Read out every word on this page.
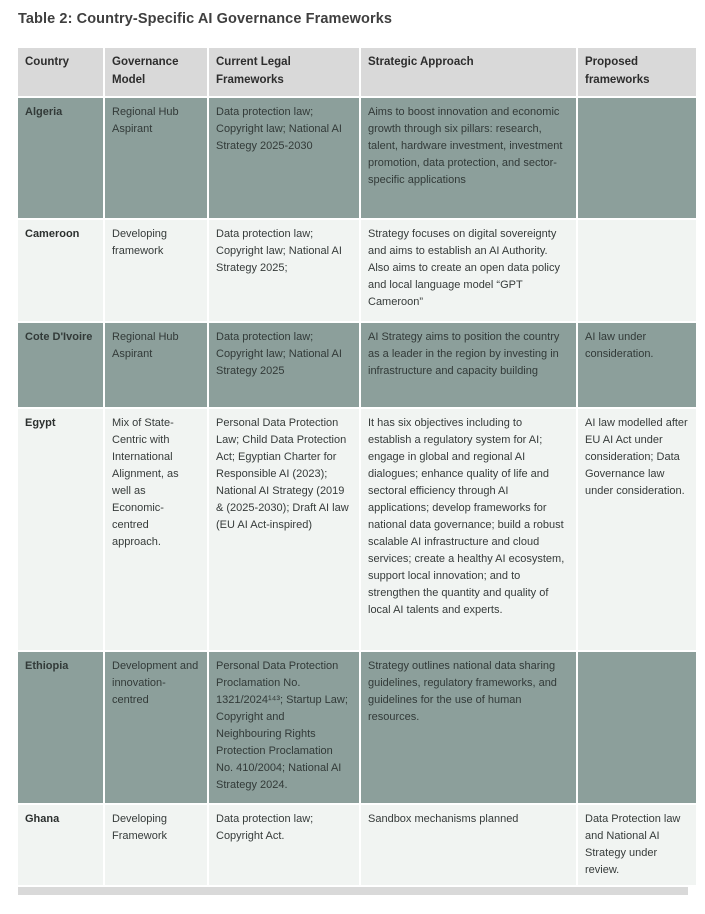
Table 2: Country-Specific AI Governance Frameworks
Country	Governance Model	Current Legal Frameworks	Strategic Approach	Proposed frameworks
Algeria	Regional Hub Aspirant	Data protection law; Copyright law; National AI Strategy 2025-2030	Aims to boost innovation and economic growth through six pillars: research, talent, hardware investment, investment promotion, data protection, and sector-specific applications	
Cameroon	Developing framework	Data protection law; Copyright law; National AI Strategy 2025;	Strategy focuses on digital sovereignty and aims to establish an AI Authority. Also aims to create an open data policy and local language model “GPT Cameroon”	
Cote D'Ivoire	Regional Hub Aspirant	Data protection law; Copyright law; National AI Strategy 2025	AI Strategy aims to position the country as a leader in the region by investing in infrastructure and capacity building	AI law under consideration.
Egypt	Mix of State-Centric with International Alignment, as well as Economic-centred approach.	Personal Data Protection Law; Child Data Protection Act; Egyptian Charter for Responsible AI (2023); National AI Strategy (2019 & (2025-2030); Draft AI law (EU AI Act-inspired)	It has six objectives including to establish a regulatory system for AI; engage in global and regional AI dialogues; enhance quality of life and sectoral efficiency through AI applications; develop frameworks for national data governance; build a robust scalable AI infrastructure and cloud services; create a healthy AI ecosystem, support local innovation; and to strengthen the quantity and quality of local AI talents and experts.	AI law modelled after EU AI Act under consideration; Data Governance law under consideration.
Ethiopia	Development and innovation-centred	Personal Data Protection Proclamation No. 1321/2024¹⁴³; Startup Law; Copyright and Neighbouring Rights Protection Proclamation No. 410/2004; National AI Strategy 2024.	Strategy outlines national data sharing guidelines, regulatory frameworks, and guidelines for the use of human resources.	
Ghana	Developing Framework	Data protection law; Copyright Act.	Sandbox mechanisms planned	Data Protection law and National AI Strategy under review.
